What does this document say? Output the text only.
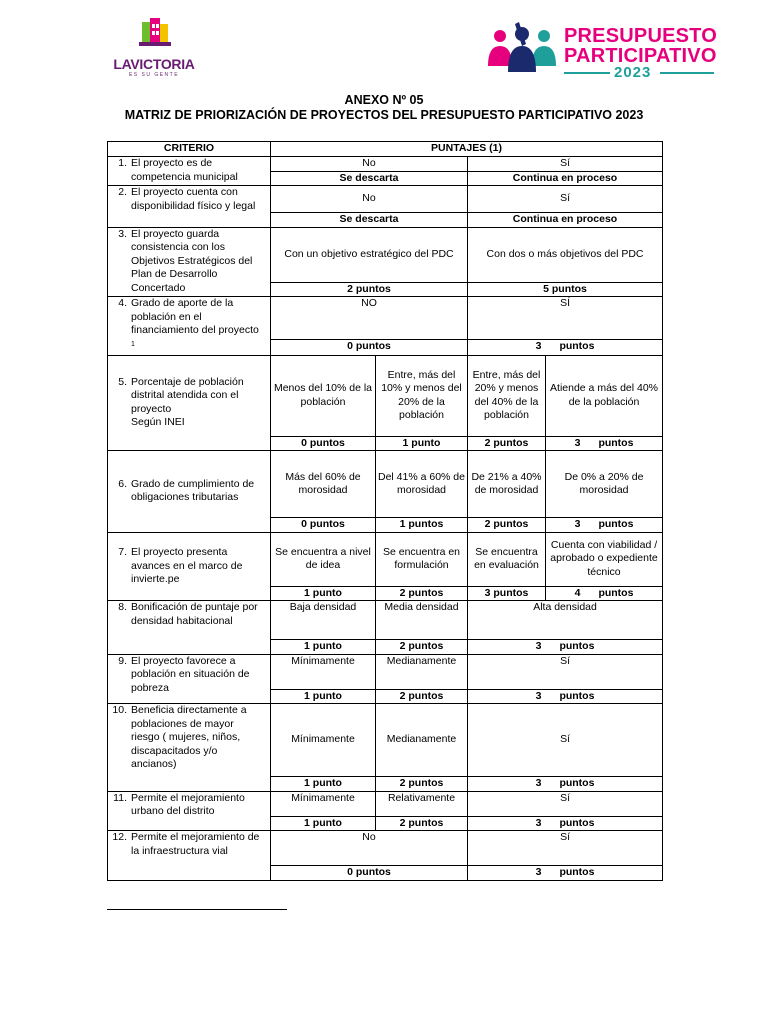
LAVICTORIA
ES SU GENTE
PRESUPUESTO
PARTICIPATIVO
2023
ANEXO Nº 05
MATRIZ DE PRIORIZACIÓN DE PROYECTOS DEL PRESUPUESTO PARTICIPATIVO 2023
CRITERIO	PUNTAJES (1)			
1. El proyecto es de competencia municipal	No		Sí	
	Se descarta		Continua en proceso	
2. El proyecto cuenta con disponibilidad físico y legal	No		Sí	
	Se descarta		Continua en proceso	
3. El proyecto guarda consistencia con los Objetivos Estratégicos del Plan de Desarrollo Concertado	Con un objetivo estratégico del PDC		Con dos o más objetivos del PDC	
	2 puntos		5 puntos	
4. Grado de aporte de la población en el financiamiento del proyecto $^1$	NO		SÍ	
	0 puntos		3 puntos	
5. Porcentaje de población distrital atendida con el proyecto
Según INEI	Menos del 10% de la población	Entre, más del 10% y menos del 20% de la población	Entre, más del 20% y menos del 40% de la población	Atiende a más del 40% de la población
	0 puntos	1 punto	2 puntos	3 puntos
6. Grado de cumplimiento de obligaciones tributarias	Más del 60% de morosidad	Del 41% a 60% de morosidad	De 21% a 40% de morosidad	De 0% a 20% de morosidad
	0 puntos	1 puntos	2 puntos	3 puntos
7. El proyecto presenta avances en el marco de invierte.pe	Se encuentra a nivel de idea	Se encuentra en formulación	Se encuentra en evaluación	Cuenta con viabilidad / aprobado o expediente técnico
	1 punto	2 puntos	3 puntos	4 puntos
8. Bonificación de puntaje por densidad habitacional	Baja densidad	Media densidad	Alta densidad	
	1 punto	2 puntos	3 puntos	
9. El proyecto favorece a población en situación de pobreza	Mínimamente	Medianamente	Sí	
	1 punto	2 puntos	3 puntos	
10. Beneficia directamente a poblaciones de mayor riesgo ( mujeres, niños, discapacitados y/o ancianos)	Mínimamente	Medianamente	Sí	
	1 punto	2 puntos	3 puntos	
11. Permite el mejoramiento urbano del distrito	Mínimamente	Relativamente	Sí	
	1 punto	2 puntos	3 puntos	
12. Permite el mejoramiento de la infraestructura vial	No		Sí	
	0 puntos		3 puntos	
